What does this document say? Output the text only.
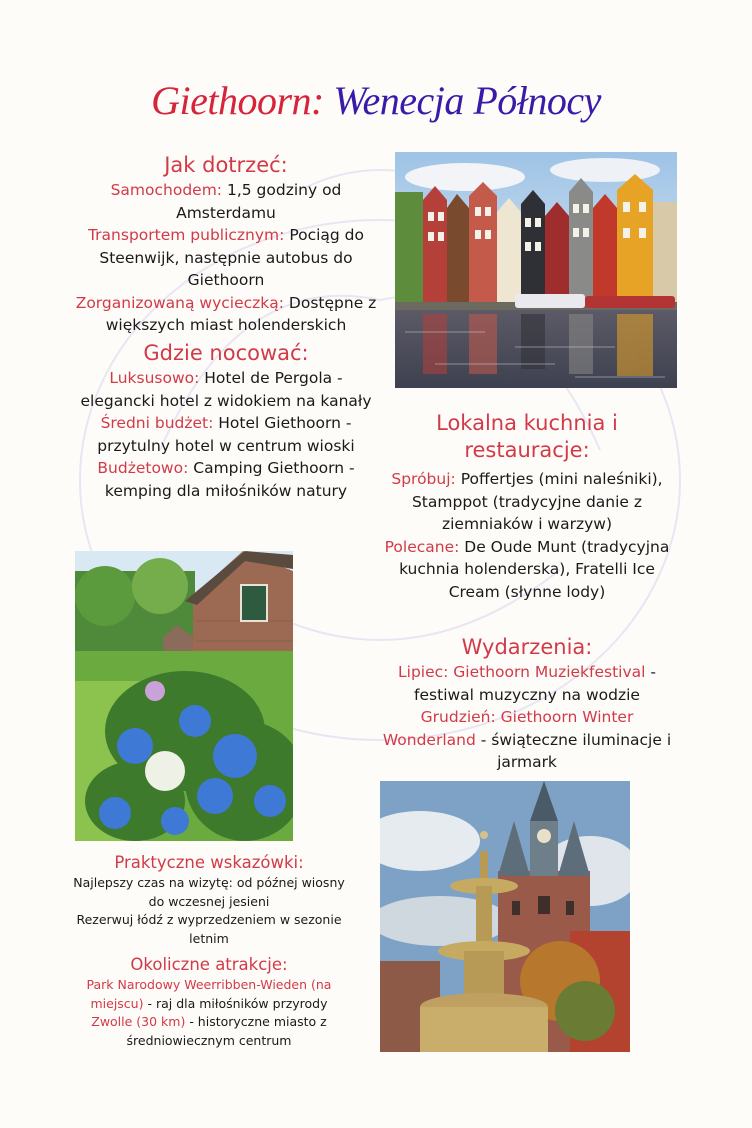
Giethoorn: Wenecja Północy
Jak dotrzeć:
Samochodem: 1,5 godziny od Amsterdamu
Transportem publicznym: Pociąg do Steenwijk, następnie autobus do Giethoorn
Zorganizowaną wycieczką: Dostępne z większych miast holenderskich
Gdzie nocować:
Luksusowo: Hotel de Pergola - elegancki hotel z widokiem na kanały
Średni budżet: Hotel Giethoorn - przytulny hotel w centrum wioski
Budżetowo: Camping Giethoorn - kemping dla miłośników natury
Lokalna kuchnia i restauracje:
Spróbuj: Poffertjes (mini naleśniki), Stamppot (tradycyjne danie z ziemniaków i warzyw)
Polecane: De Oude Munt (tradycyjna kuchnia holenderska), Fratelli Ice Cream (słynne lody)
Wydarzenia:
Lipiec: Giethoorn Muziekfestival - festiwal muzyczny na wodzie
Grudzień: Giethoorn Winter Wonderland - świąteczne iluminacje i jarmark
Praktyczne wskazówki:
Najlepszy czas na wizytę: od późnej wiosny do wczesnej jesieni
Rezerwuj łódź z wyprzedzeniem w sezonie letnim
Okoliczne atrakcje:
Park Narodowy Weerribben-Wieden (na miejscu) - raj dla miłośników przyrody
Zwolle (30 km) - historyczne miasto z średniowiecznym centrum
